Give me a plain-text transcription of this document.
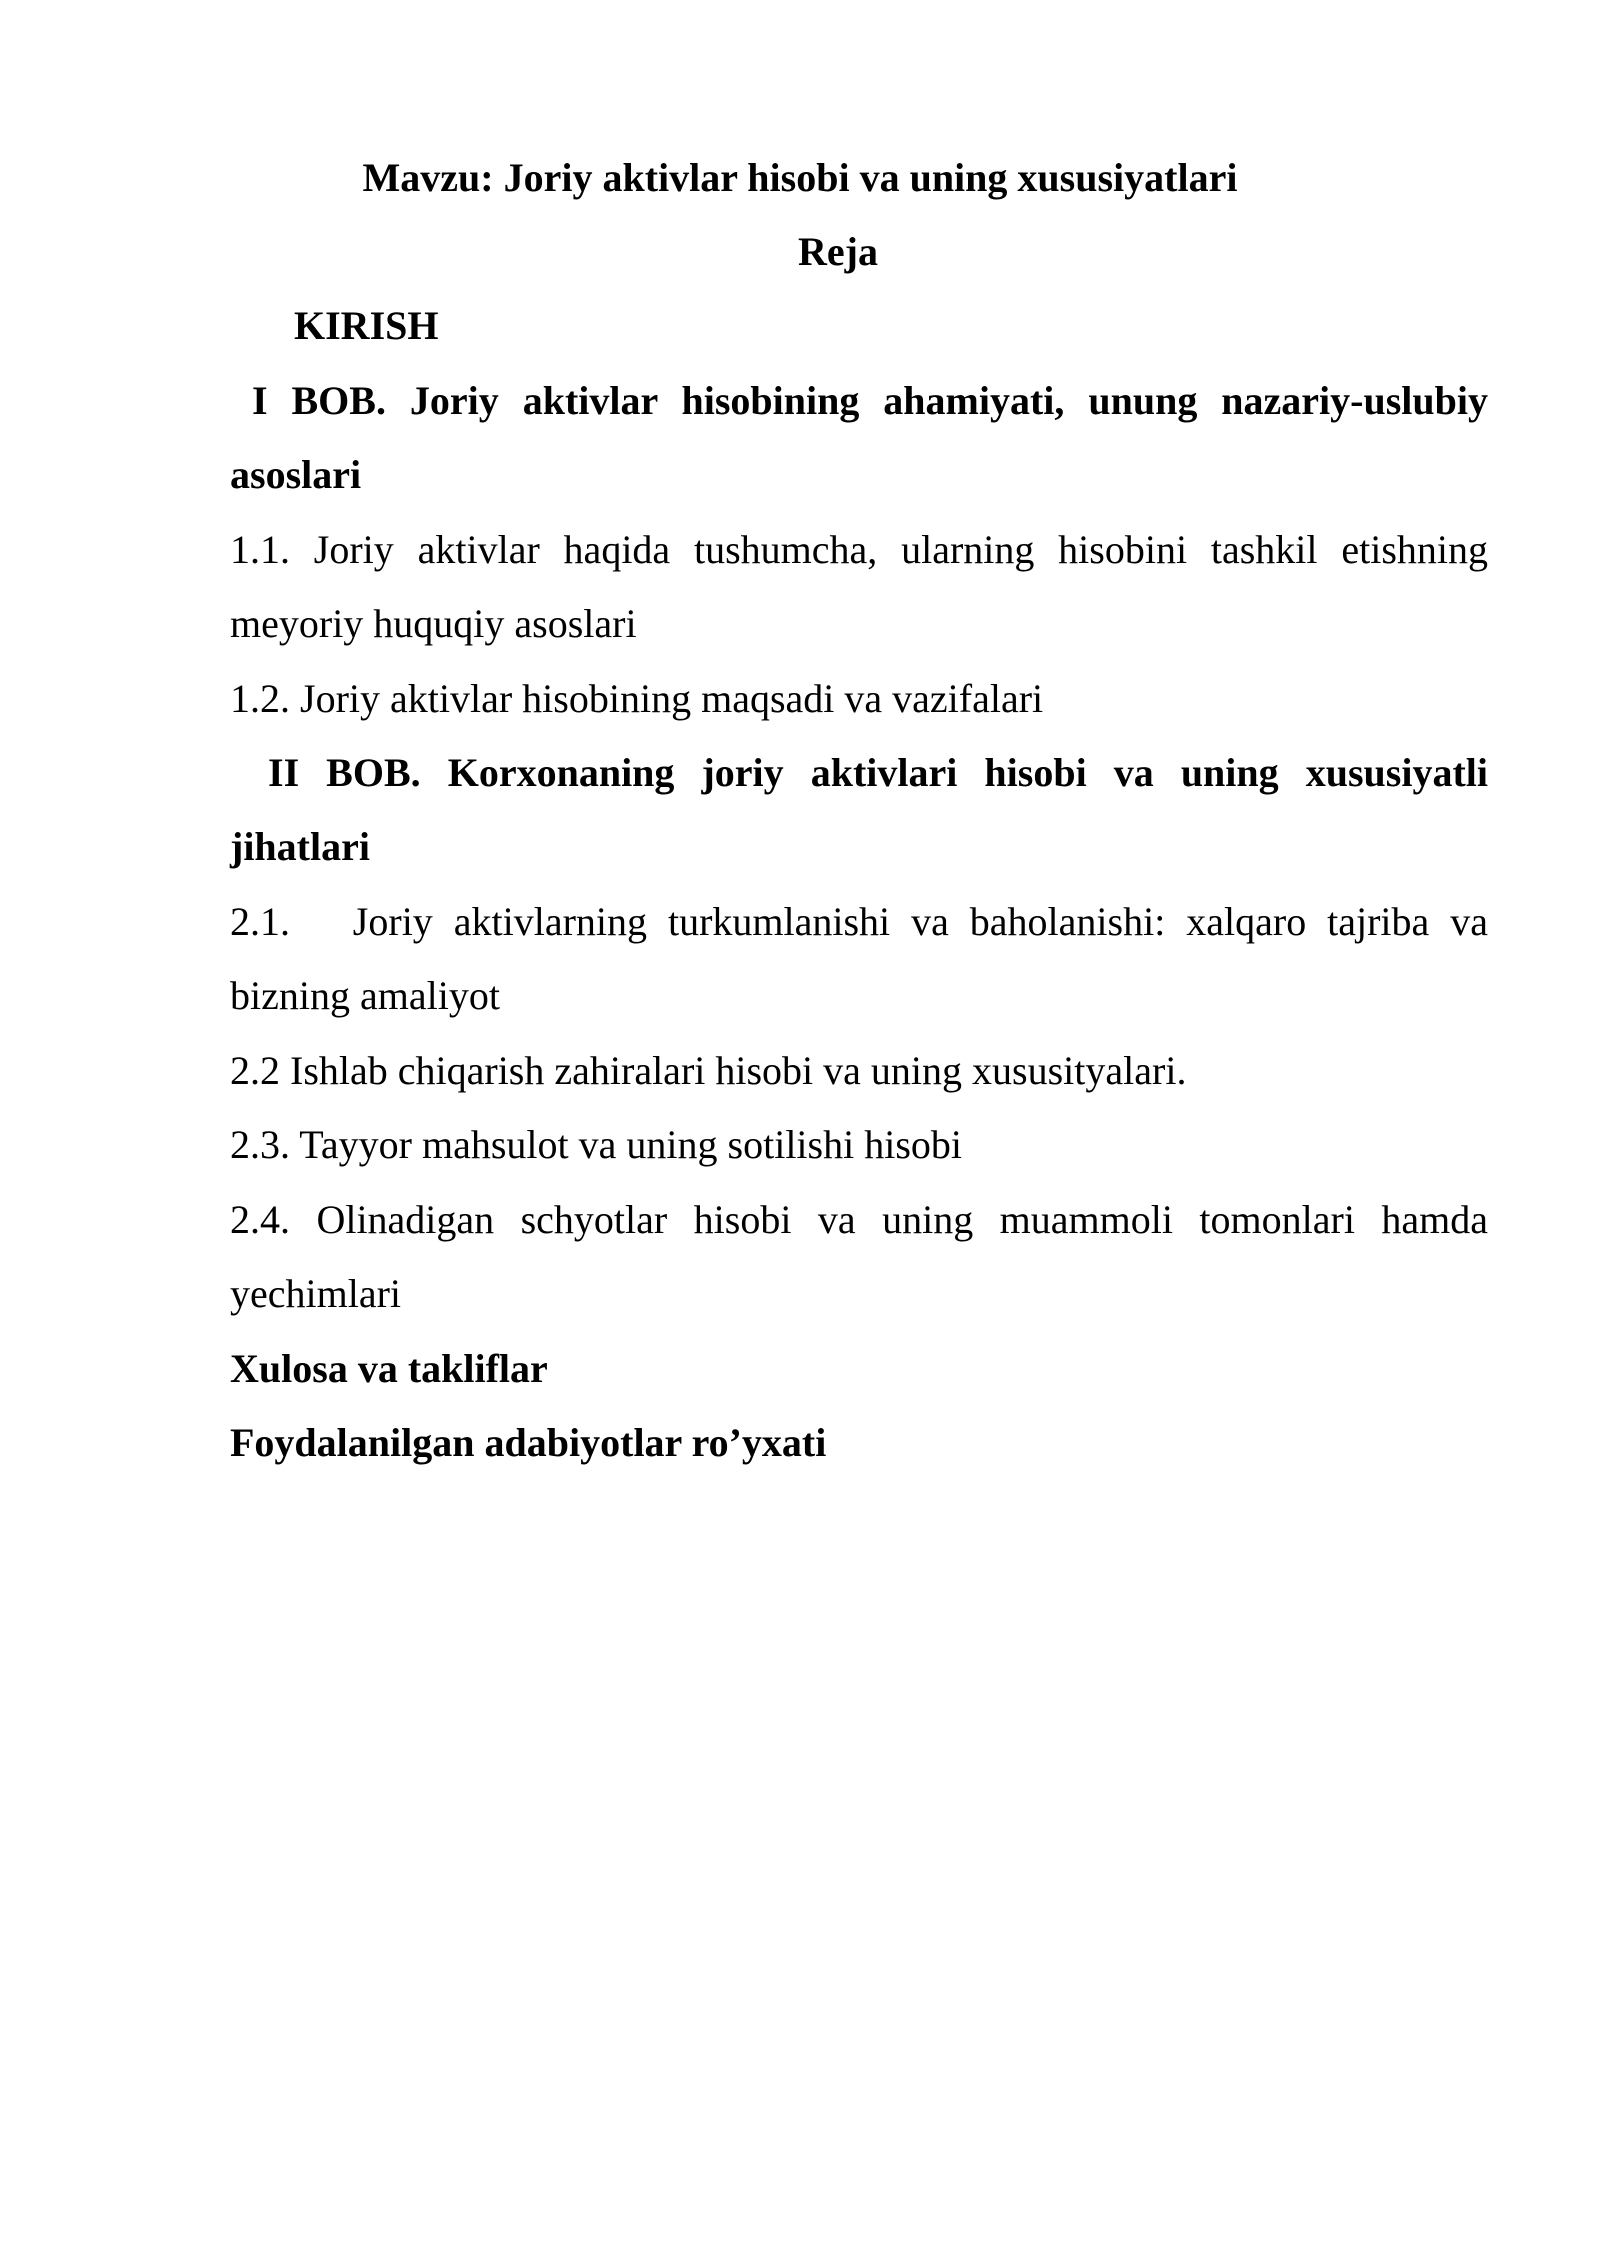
Mavzu: Joriy aktivlar hisobi va uning xususiyatlari
Reja
KIRISH
I BOB. Joriy aktivlar hisobining ahamiyati, unung nazariy-uslubiy
asoslari
1.1. Joriy aktivlar haqida tushumcha, ularning hisobini tashkil etishning
meyoriy huquqiy asoslari
1.2. Joriy aktivlar hisobining maqsadi va vazifalari
II BOB. Korxonaning joriy aktivlari hisobi va uning xususiyatli
jihatlari
2.1.   Joriy aktivlarning turkumlanishi va baholanishi: xalqaro tajriba va
bizning amaliyot
2.2 Ishlab chiqarish zahiralari hisobi va uning xususityalari.
2.3. Tayyor mahsulot va uning sotilishi hisobi
2.4. Olinadigan schyotlar hisobi va uning muammoli tomonlari hamda
yechimlari
Xulosa va takliflar
Foydalanilgan adabiyotlar ro’yxati
